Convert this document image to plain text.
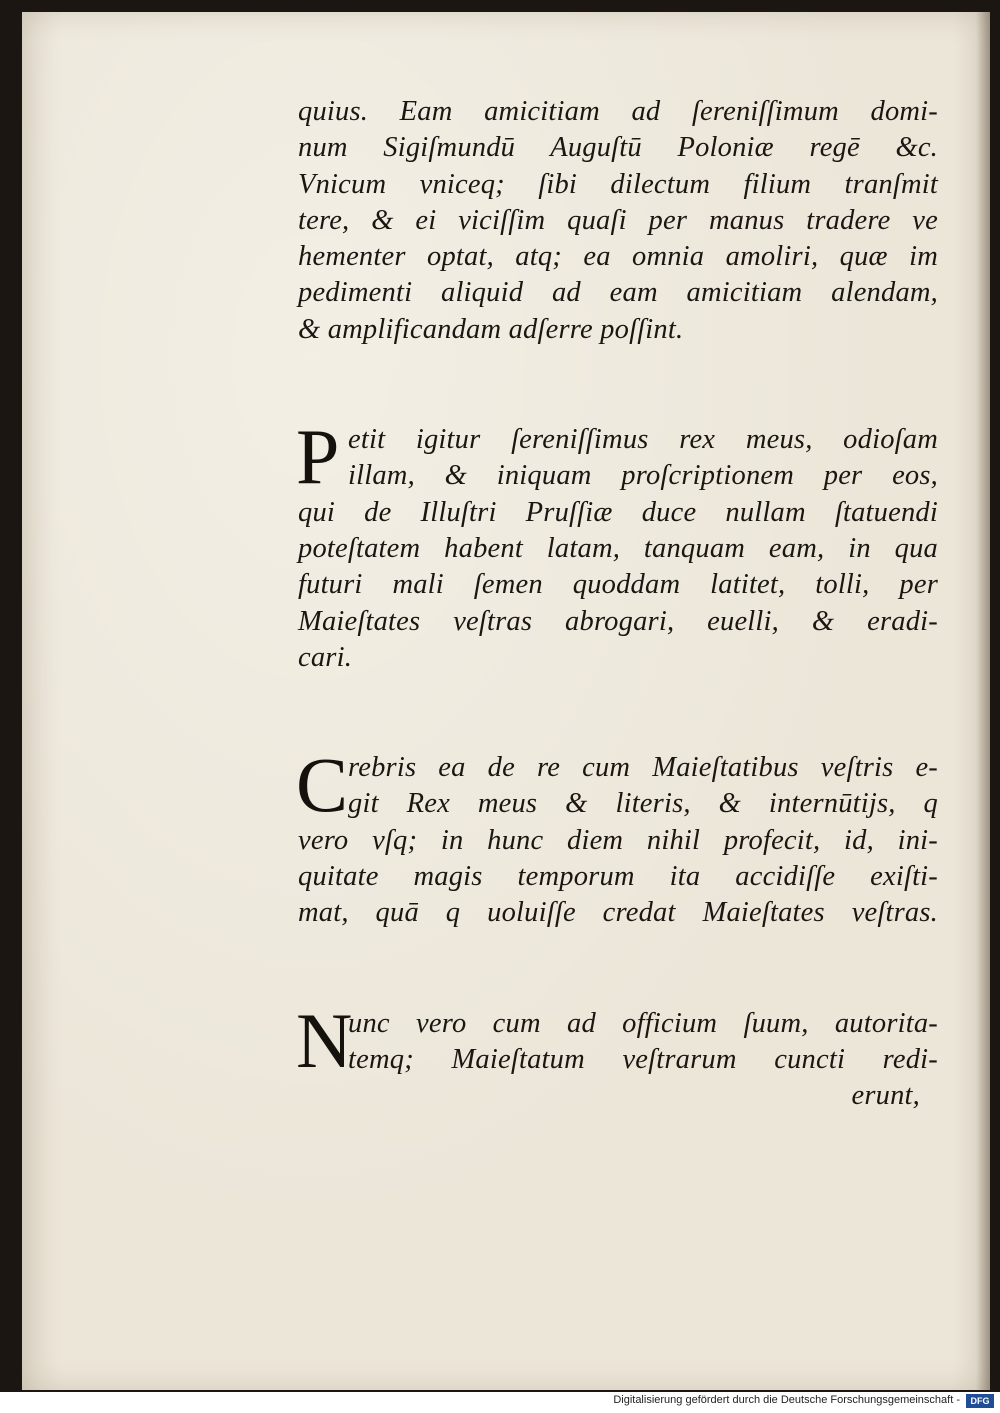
quius. Eam amicitiam ad ſereniſſimum domi-
num Sigiſmundū Auguſtū Poloniæ regē &c.
Vnicum vniceq; ſibi dilectum filium tranſmit
tere, & ei viciſſim quaſi per manus tradere ve
hementer optat, atq; ea omnia amoliri, quæ im
pedimenti aliquid ad eam amicitiam alendam,
& amplificandam adſerre poſſint.
P etit igitur ſereniſſimus rex meus, odioſam
illam, & iniquam proſcriptionem per eos,
qui de Illuſtri Pruſſiæ duce nullam ſtatuendi
poteſtatem habent latam, tanquam eam, in qua
futuri mali ſemen quoddam latitet, tolli, per
Maieſtates veſtras abrogari, euelli, & eradi-
cari.
C rebris ea de re cum Maieſtatibus veſtris e-
git Rex meus & literis, & internūtijs, q
vero vſq; in hunc diem nihil profecit, id, ini-
quitate magis temporum ita accidiſſe exiſti-
mat, quā q uoluiſſe credat Maieſtates veſtras.
N
unc vero cum ad officium ſuum, autorita-
temq; Maieſtatum veſtrarum cuncti redi-
erunt,
Digitalisierung gefördert durch die Deutsche Forschungsgemeinschaft -	DFG
